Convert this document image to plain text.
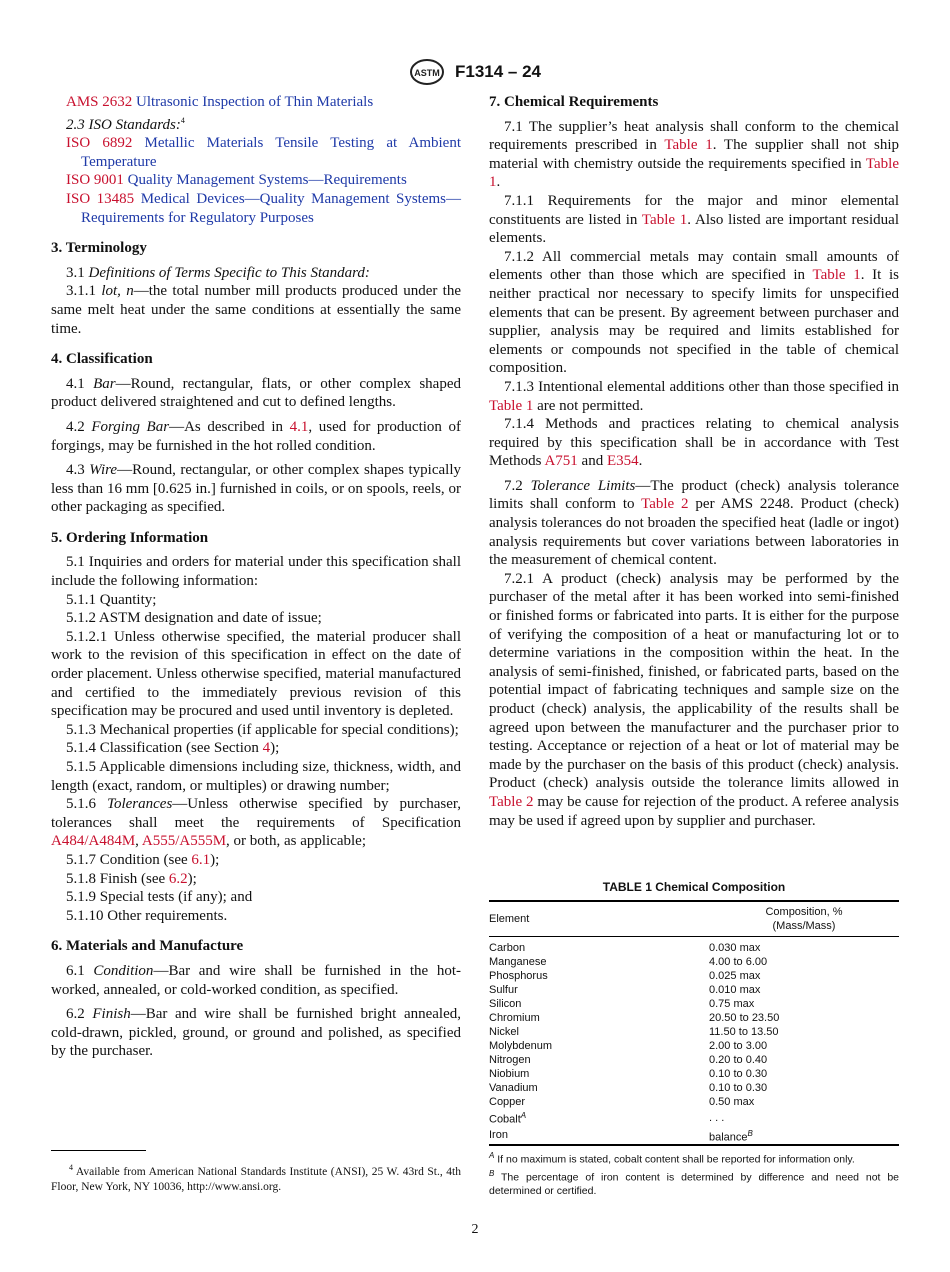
ASTM F1314 – 24

AMS 2632 Ultrasonic Inspection of Thin Materials

2.3 ISO Standards:$^4$

ISO 6892 Metallic Materials Tensile Testing at Ambient Temperature

ISO 9001 Quality Management Systems—Requirements

ISO 13485 Medical Devices—Quality Management Systems—Requirements for Regulatory Purposes

3. Terminology

3.1 Definitions of Terms Specific to This Standard:

3.1.1 lot, n—the total number mill products produced under the same melt heat under the same conditions at essentially the same time.

4. Classification

4.1 Bar—Round, rectangular, flats, or other complex shaped product delivered straightened and cut to defined lengths.

4.2 Forging Bar—As described in 4.1, used for production of forgings, may be furnished in the hot rolled condition.

4.3 Wire—Round, rectangular, or other complex shapes typically less than 16 mm [0.625 in.] furnished in coils, or on spools, reels, or other packaging as specified.

5. Ordering Information

5.1 Inquiries and orders for material under this specification shall include the following information:

5.1.1 Quantity;

5.1.2 ASTM designation and date of issue;

5.1.2.1 Unless otherwise specified, the material producer shall work to the revision of this specification in effect on the date of order placement. Unless otherwise specified, material manufactured and certified to the immediately previous revision of this specification may be procured and used until inventory is depleted.

5.1.3 Mechanical properties (if applicable for special conditions);

5.1.4 Classification (see Section 4);

5.1.5 Applicable dimensions including size, thickness, width, and length (exact, random, or multiples) or drawing number;

5.1.6 Tolerances—Unless otherwise specified by purchaser, tolerances shall meet the requirements of Specification A484/A484M, A555/A555M, or both, as applicable;

5.1.7 Condition (see 6.1);

5.1.8 Finish (see 6.2);

5.1.9 Special tests (if any); and

5.1.10 Other requirements.

6. Materials and Manufacture

6.1 Condition—Bar and wire shall be furnished in the hot-worked, annealed, or cold-worked condition, as specified.

6.2 Finish—Bar and wire shall be furnished bright annealed, cold-drawn, pickled, ground, or ground and polished, as specified by the purchaser.

$^4$ Available from American National Standards Institute (ANSI), 25 W. 43rd St., 4th Floor, New York, NY 10036, http://www.ansi.org.

7. Chemical Requirements

7.1 The supplier’s heat analysis shall conform to the chemical requirements prescribed in Table 1. The supplier shall not ship material with chemistry outside the requirements specified in Table 1.

7.1.1 Requirements for the major and minor elemental constituents are listed in Table 1. Also listed are important residual elements.

7.1.2 All commercial metals may contain small amounts of elements other than those which are specified in Table 1. It is neither practical nor necessary to specify limits for unspecified elements that can be present. By agreement between purchaser and supplier, analysis may be required and limits established for elements or compounds not specified in the table of chemical composition.

7.1.3 Intentional elemental additions other than those specified in Table 1 are not permitted.

7.1.4 Methods and practices relating to chemical analysis required by this specification shall be in accordance with Test Methods A751 and E354.

7.2 Tolerance Limits—The product (check) analysis tolerance limits shall conform to Table 2 per AMS 2248. Product (check) analysis tolerances do not broaden the specified heat (ladle or ingot) analysis requirements but cover variations between laboratories in the measurement of chemical content.

7.2.1 A product (check) analysis may be performed by the purchaser of the metal after it has been worked into semi-finished or finished forms or fabricated into parts. It is either for the purpose of verifying the composition of a heat or manufacturing lot or to determine variations in the composition within the heat. In the analysis of semi-finished, finished, or fabricated parts, based on the potential impact of fabricating techniques and sample size on the product (check) analysis, the applicability of the results shall be agreed upon between the manufacturer and the purchaser prior to testing. Acceptance or rejection of a heat or lot of material may be made by the purchaser on the basis of this product (check) analysis. Product (check) analysis outside the tolerance limits allowed in Table 2 may be cause for rejection of the product. A referee analysis may be used if agreed upon by supplier and purchaser.

TABLE 1 Chemical Composition
Element	Composition, %
(Mass/Mass)
Carbon	0.030 max
Manganese	4.00 to 6.00
Phosphorus	0.025 max
Sulfur	0.010 max
Silicon	0.75 max
Chromium	20.50 to 23.50
Nickel	11.50 to 13.50
Molybdenum	2.00 to 3.00
Nitrogen	0.20 to 0.40
Niobium	0.10 to 0.30
Vanadium	0.10 to 0.30
Copper	0.50 max
Cobalt$^A$	. . .
Iron	balance$^B$
$^A$ If no maximum is stated, cobalt content shall be reported for information only.
$^B$ The percentage of iron content is determined by difference and need not be determined or certified.
2
